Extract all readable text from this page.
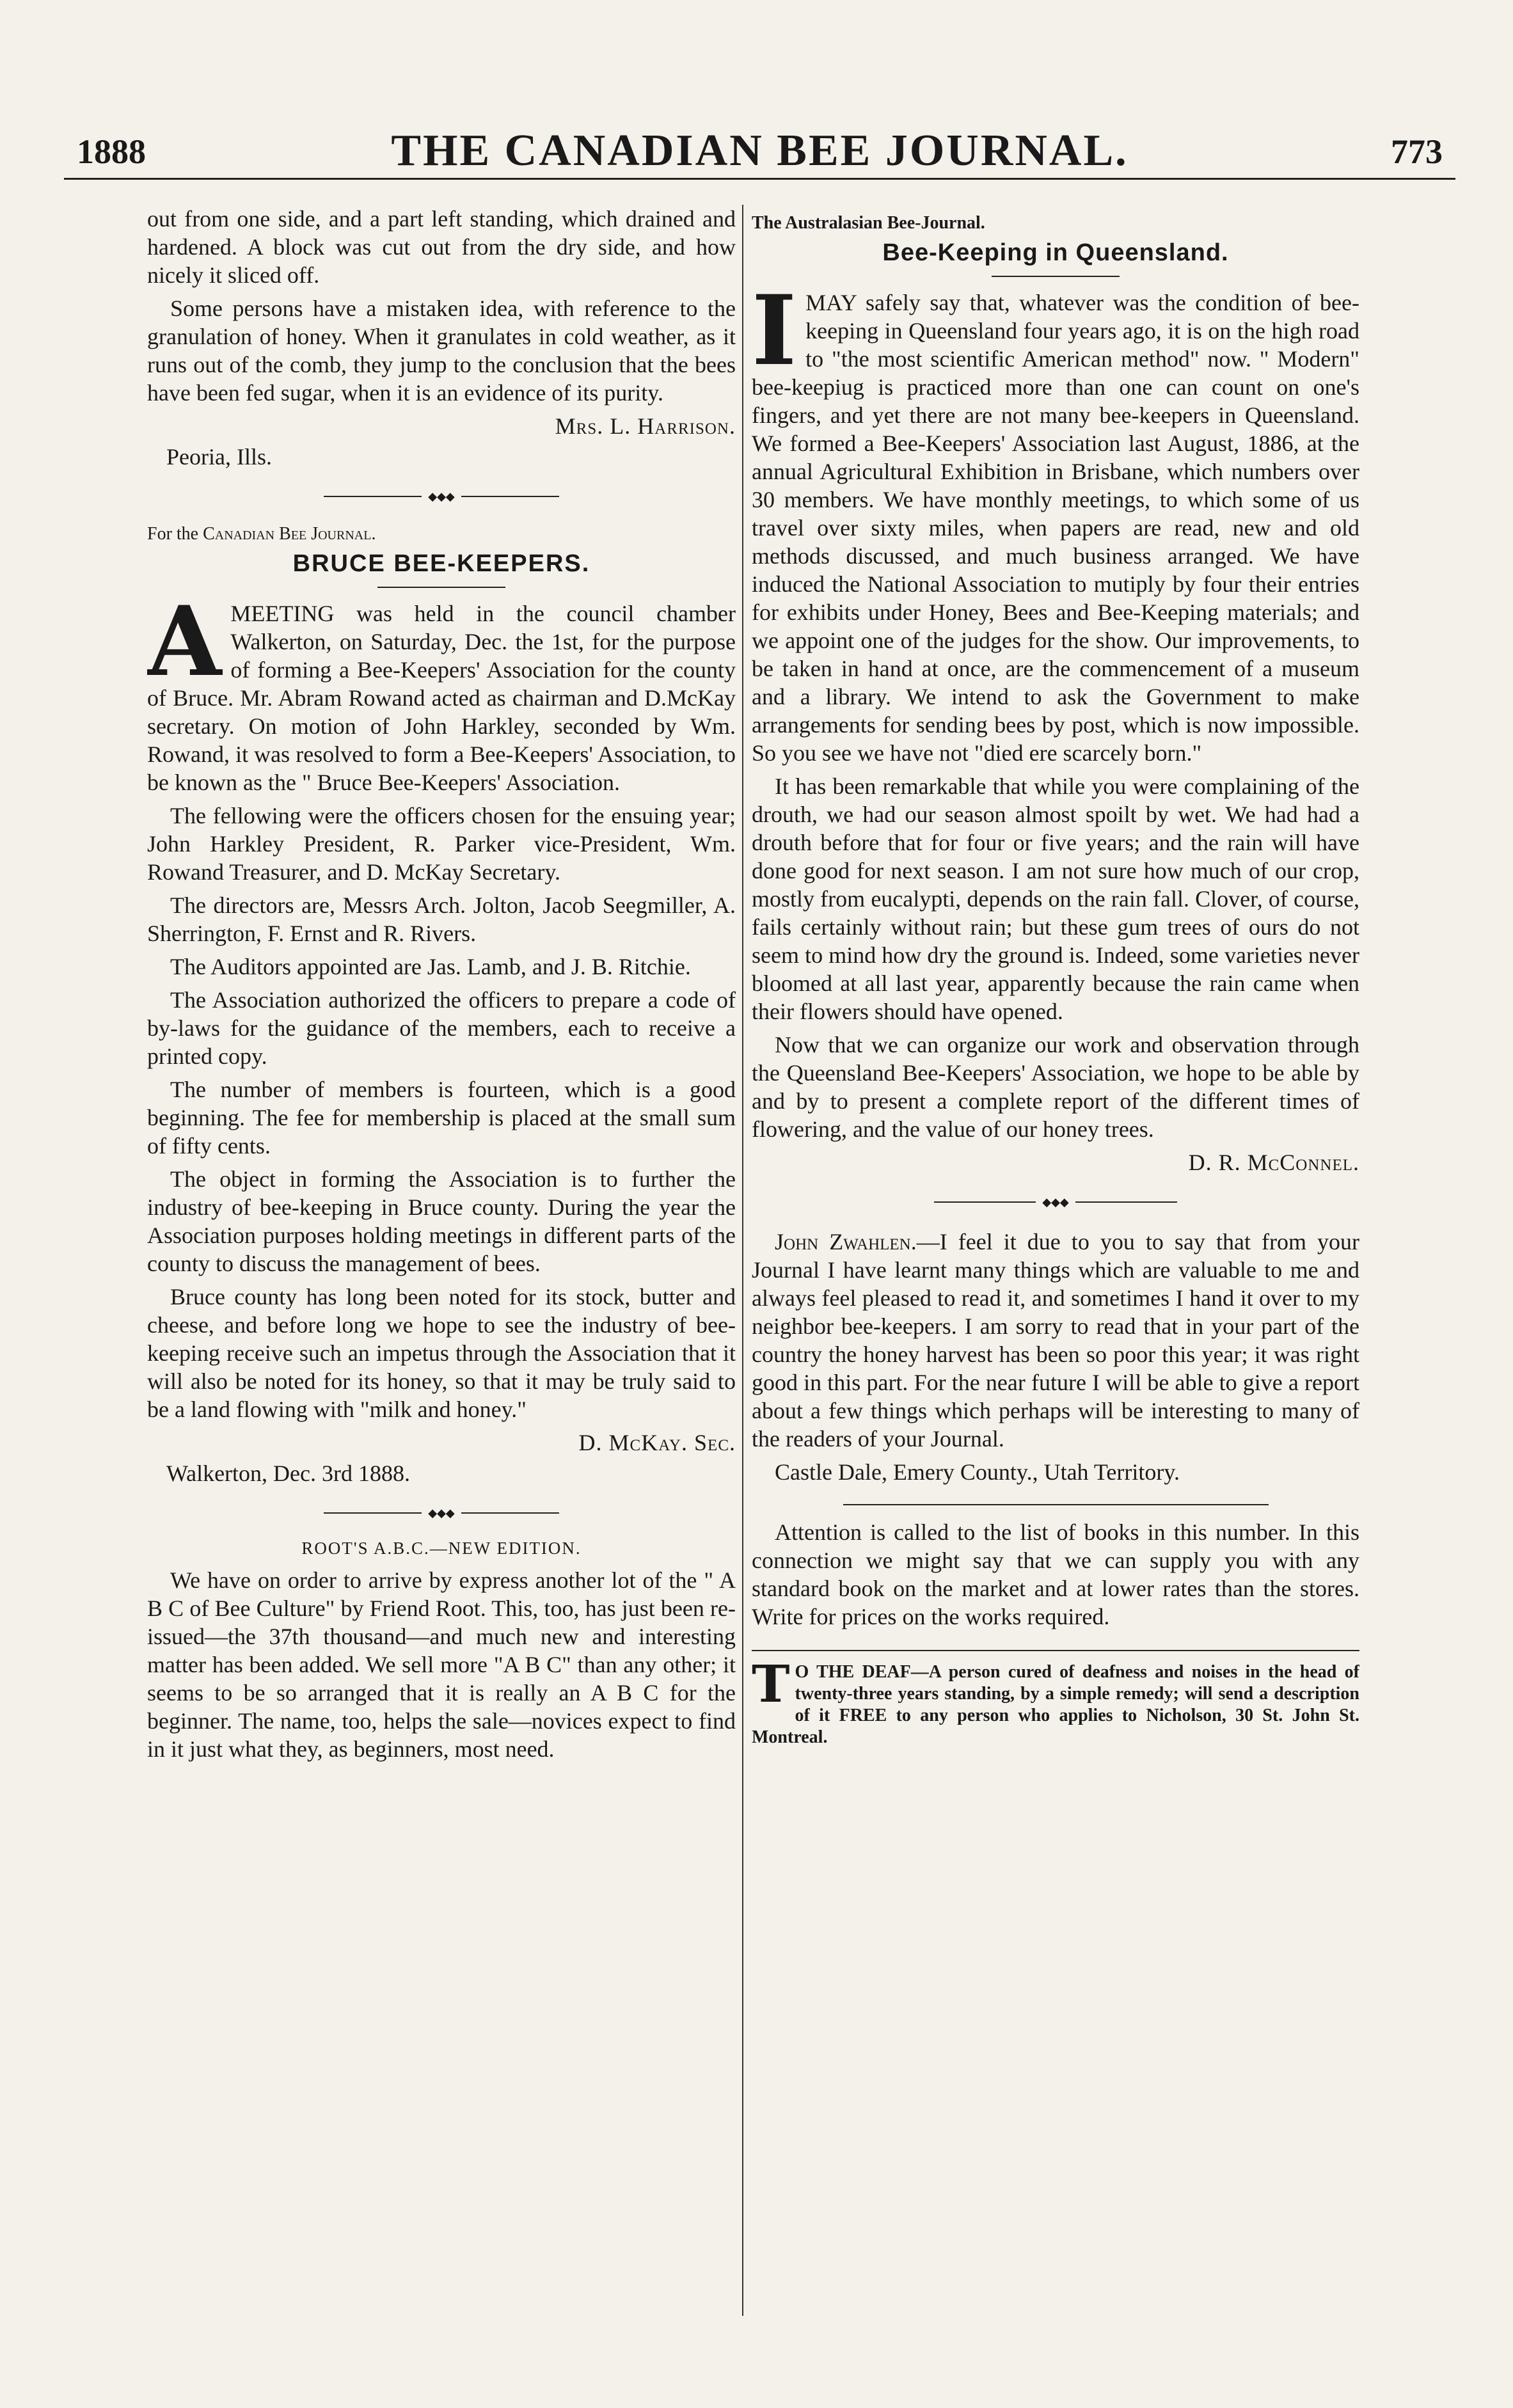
1888	THE CANADIAN BEE JOURNAL.	773

out from one side, and a part left standing, which drained and hardened. A block was cut out from the dry side, and how nicely it sliced off.

Some persons have a mistaken idea, with reference to the granulation of honey. When it granulates in cold weather, as it runs out of the comb, they jump to the conclusion that the bees have been fed sugar, when it is an evidence of its purity.

Mrs. L. Harrison.
Peoria, Ills.
◆◆◆
For the Canadian Bee Journal.
BRUCE BEE-KEEPERS.

AMEETING was held in the council chamber Walkerton, on Saturday, Dec. the 1st, for the purpose of forming a Bee-Keepers' Association for the county of Bruce. Mr. Abram Rowand acted as chairman and D.McKay secretary. On motion of John Harkley, seconded by Wm. Rowand, it was resolved to form a Bee-Keepers' Association, to be known as the " Bruce Bee-Keepers' Association.

The fellowing were the officers chosen for the ensuing year; John Harkley President, R. Parker vice-President, Wm. Rowand Treasurer, and D. McKay Secretary.

The directors are, Messrs Arch. Jolton, Jacob Seegmiller, A. Sherrington, F. Ernst and R. Rivers.

The Auditors appointed are Jas. Lamb, and J. B. Ritchie.

The Association authorized the officers to prepare a code of by-laws for the guidance of the members, each to receive a printed copy.

The number of members is fourteen, which is a good beginning. The fee for membership is placed at the small sum of fifty cents.

The object in forming the Association is to further the industry of bee-keeping in Bruce county. During the year the Association purposes holding meetings in different parts of the county to discuss the management of bees.

Bruce county has long been noted for its stock, butter and cheese, and before long we hope to see the industry of bee-keeping receive such an impetus through the Association that it will also be noted for its honey, so that it may be truly said to be a land flowing with "milk and honey."

D. McKay. Sec.
Walkerton, Dec. 3rd 1888.
◆◆◆
ROOT'S A.B.C.—NEW EDITION.

We have on order to arrive by express another lot of the " A B C of Bee Culture" by Friend Root. This, too, has just been re-issued—the 37th thousand—and much new and interesting matter has been added. We sell more "A B C" than any other; it seems to be so arranged that it is really an A B C for the beginner. The name, too, helps the sale—novices expect to find in it just what they, as beginners, most need.

The Australasian Bee-Journal.
Bee-Keeping in Queensland.

IMAY safely say that, whatever was the condition of bee-keeping in Queensland four years ago, it is on the high road to "the most scientific American method" now. " Modern" bee-keepiug is practiced more than one can count on one's fingers, and yet there are not many bee-keepers in Queensland. We formed a Bee-Keepers' Association last August, 1886, at the annual Agricultural Exhibition in Brisbane, which numbers over 30 members. We have monthly meetings, to which some of us travel over sixty miles, when papers are read, new and old methods discussed, and much business arranged. We have induced the National Association to mutiply by four their entries for exhibits under Honey, Bees and Bee-Keeping materials; and we appoint one of the judges for the show. Our improvements, to be taken in hand at once, are the commencement of a museum and a library. We intend to ask the Government to make arrangements for sending bees by post, which is now impossible. So you see we have not "died ere scarcely born."

It has been remarkable that while you were complaining of the drouth, we had our season almost spoilt by wet. We had had a drouth before that for four or five years; and the rain will have done good for next season. I am not sure how much of our crop, mostly from eucalypti, depends on the rain fall. Clover, of course, fails certainly without rain; but these gum trees of ours do not seem to mind how dry the ground is. Indeed, some varieties never bloomed at all last year, apparently because the rain came when their flowers should have opened.

Now that we can organize our work and observation through the Queensland Bee-Keepers' Association, we hope to be able by and by to present a complete report of the different times of flowering, and the value of our honey trees.

D. R. McConnel.
◆◆◆

John Zwahlen.—I feel it due to you to say that from your Journal I have learnt many things which are valuable to me and always feel pleased to read it, and sometimes I hand it over to my neighbor bee-keepers. I am sorry to read that in your part of the country the honey harvest has been so poor this year; it was right good in this part. For the near future I will be able to give a report about a few things which perhaps will be interesting to many of the readers of your Journal.

Castle Dale, Emery County., Utah Territory.

Attention is called to the list of books in this number. In this connection we might say that we can supply you with any standard book on the market and at lower rates than the stores. Write for prices on the works required.

T O THE DEAF—A person cured of deafness and noises in the head of twenty-three years standing, by a simple remedy; will send a description of it FREE to any person who applies to Nicholson, 30 St. John St. Montreal.
